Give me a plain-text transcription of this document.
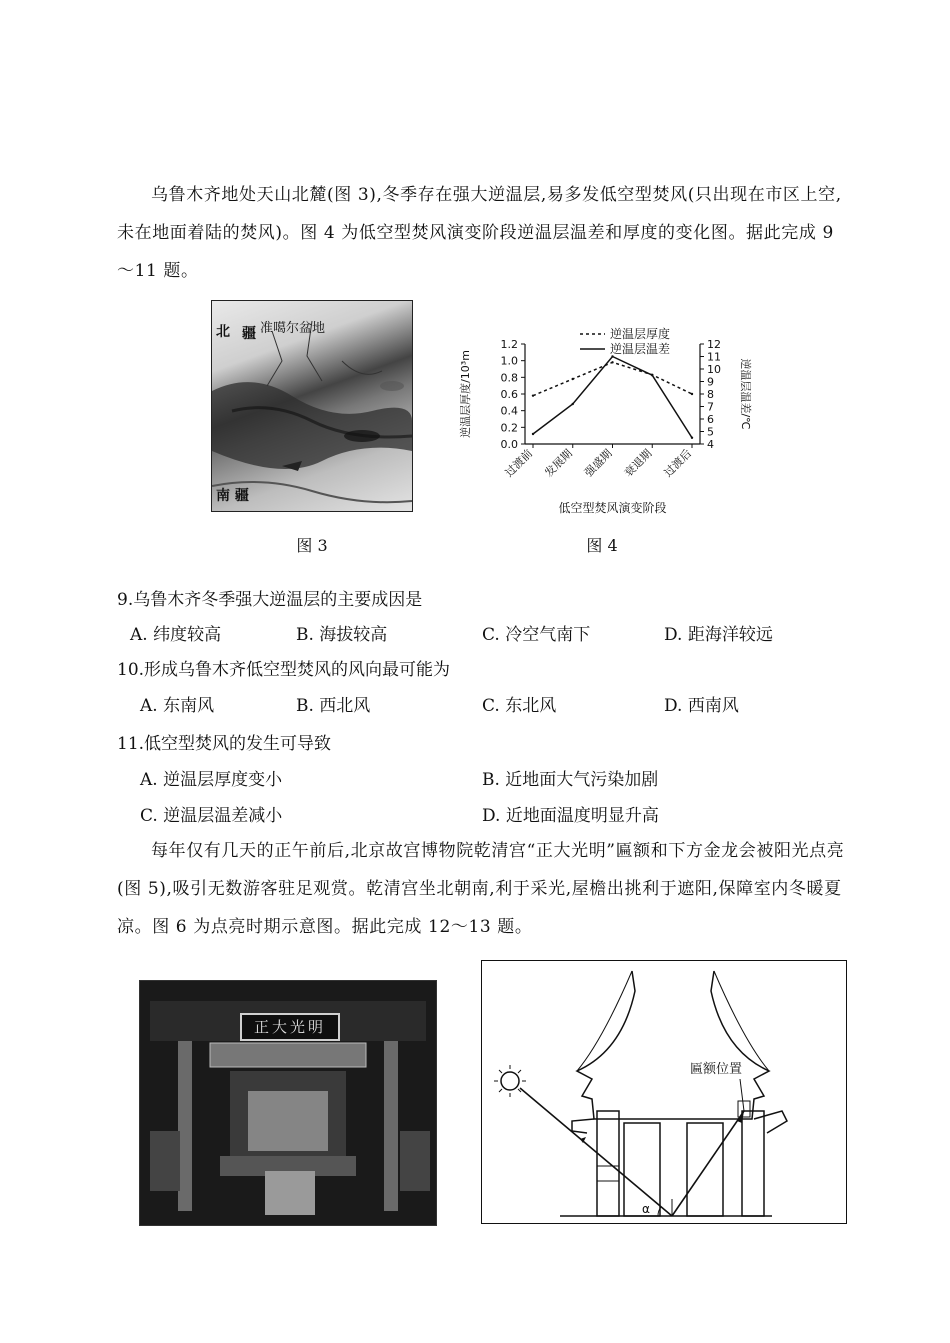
乌鲁木齐地处天山北麓(图 3),冬季存在强大逆温层,易多发低空型焚风(只出现在市区上空,未在地面着陆的焚风)。图 4 为低空型焚风演变阶段逆温层温差和厚度的变化图。据此完成 9～11 题。

北 疆 准噶尔盆地
南 疆
图 3
0.0
0.2
0.4
0.6
0.8
1.0
1.2
4
5
6
7
8
9
10
11
12
过渡前 发展期 强盛期 衰退期 过渡后
逆温层厚度/10³m	逆温层温差/℃
低空型焚风演变阶段
逆温层厚度
逆温层温差
图 4

9.乌鲁木齐冬季强大逆温层的主要成因是

A. 纬度较高	B. 海拔较高	C. 冷空气南下	D. 距海洋较远

10.形成乌鲁木齐低空型焚风的风向最可能为

A. 东南风	B. 西北风	C. 东北风	D. 西南风

11.低空型焚风的发生可导致

A. 逆温层厚度变小	B. 近地面大气污染加剧

C. 逆温层温差减小	D. 近地面温度明显升高

每年仅有几天的正午前后,北京故宫博物院乾清宫“正大光明”匾额和下方金龙会被阳光点亮(图 5),吸引无数游客驻足观赏。乾清宫坐北朝南,利于采光,屋檐出挑利于遮阳,保障室内冬暖夏凉。图 6 为点亮时期示意图。据此完成 12～13 题。

正大光明
α
匾额位置
